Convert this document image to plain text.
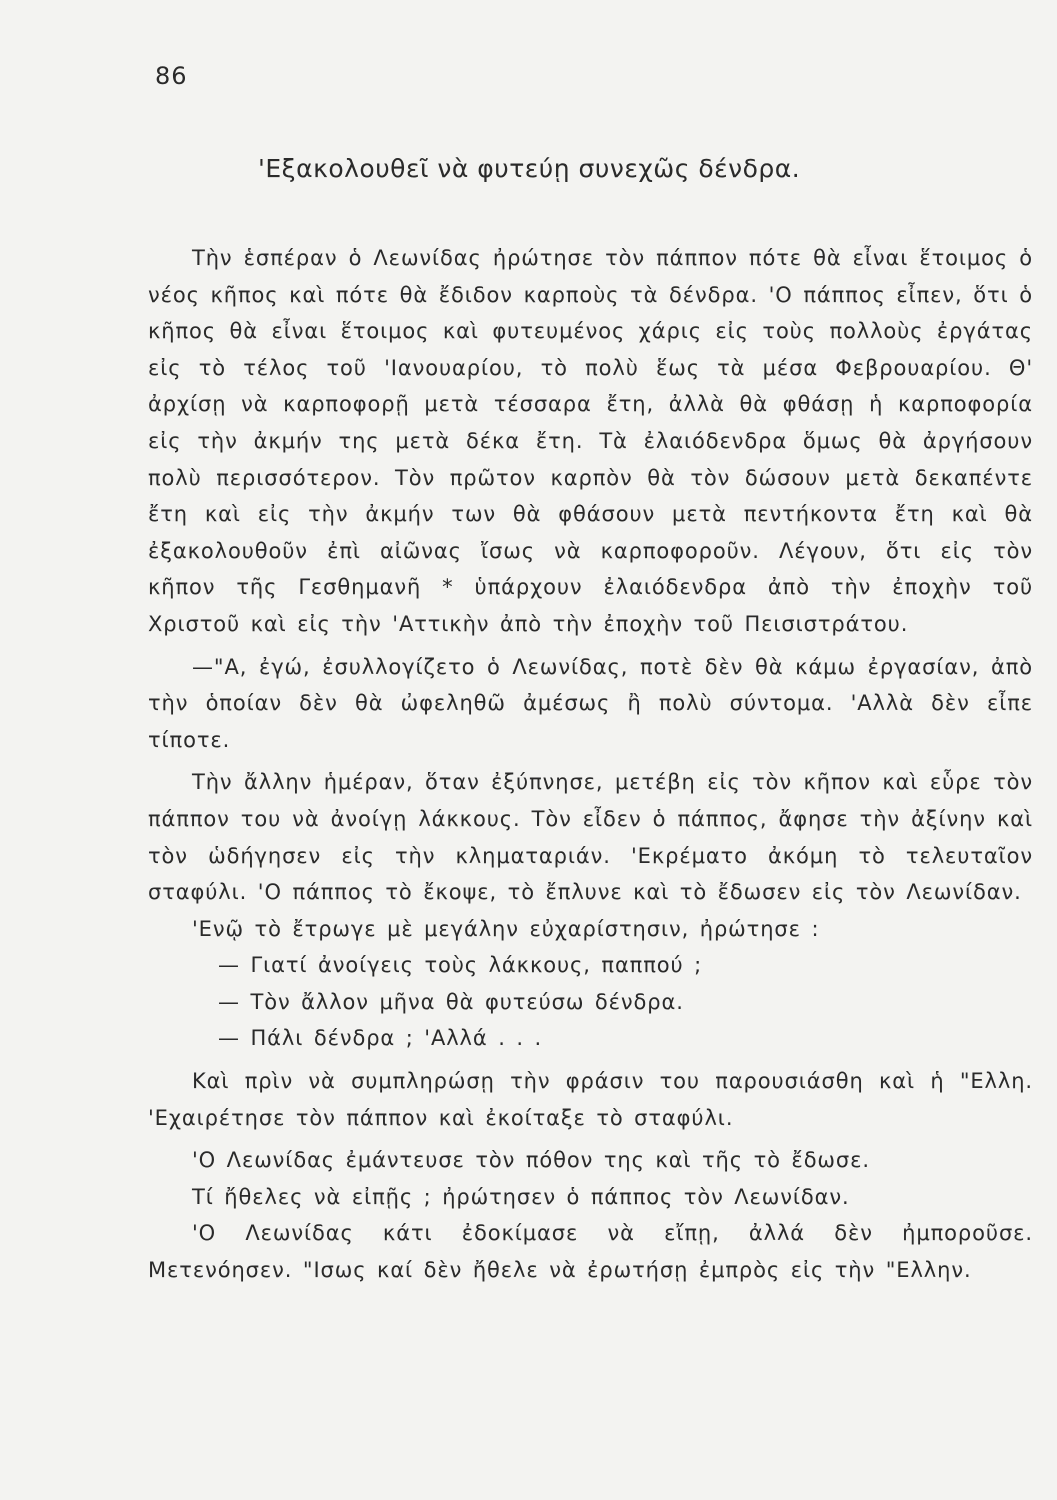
86
'Εξακολουθεῖ νὰ φυτεύῃ συνεχῶς δένδρα.

Τὴν ἑσπέραν ὁ Λεωνίδας ἠρώτησε τὸν πάππον πότε θὰ εἶναι ἕτοιμος ὁ νέος κῆπος καὶ πότε θὰ ἔδιδον καρποὺς τὰ δένδρα. 'Ο πάππος εἶπεν, ὅτι ὁ κῆπος θὰ εἶναι ἕτοιμος καὶ φυτευμένος χάρις εἰς τοὺς πολλοὺς ἐργάτας εἰς τὸ τέλος τοῦ 'Ιανουαρίου, τὸ πολὺ ἕως τὰ μέσα Φεβρουαρίου. Θ' ἀρχίσῃ νὰ καρποφορῇ μετὰ τέσσαρα ἔτη, ἀλλὰ θὰ φθάσῃ ἡ καρποφορία εἰς τὴν ἀκμήν της μετὰ δέκα ἔτη. Τὰ ἐλαιόδενδρα ὅμως θὰ ἀργήσουν πολὺ περισσότερον. Τὸν πρῶτον καρπὸν θὰ τὸν δώσουν μετὰ δεκαπέντε ἔτη καὶ εἰς τὴν ἀκμήν των θὰ φθάσουν μετὰ πεντήκοντα ἔτη καὶ θὰ ἐξακολουθοῦν ἐπὶ αἰῶνας ἴσως νὰ καρποφοροῦν. Λέγουν, ὅτι εἰς τὸν κῆπον τῆς Γεσθημανῆ * ὑπάρχουν ἐλαιόδενδρα ἀπὸ τὴν ἐποχὴν τοῦ Χριστοῦ καὶ εἰς τὴν 'Αττικὴν ἀπὸ τὴν ἐποχὴν τοῦ Πεισιστράτου.

—"Α, ἐγώ, ἐσυλλογίζετο ὁ Λεωνίδας, ποτὲ δὲν θὰ κάμω ἐργασίαν, ἀπὸ τὴν ὁποίαν δὲν θὰ ὠφεληθῶ ἀμέσως ἢ πολὺ σύντομα. 'Αλλὰ δὲν εἶπε τίποτε.

Τὴν ἄλλην ἡμέραν, ὅταν ἐξύπνησε, μετέβη εἰς τὸν κῆπον καὶ εὗρε τὸν πάππον του νὰ ἀνοίγῃ λάκκους. Τὸν εἶδεν ὁ πάππος, ἄφησε τὴν ἀξίνην καὶ τὸν ὡδήγησεν εἰς τὴν κληματαριάν. 'Εκρέματο ἀκόμη τὸ τελευταῖον σταφύλι. 'Ο πάππος τὸ ἔκοψε, τὸ ἔπλυνε καὶ τὸ ἔδωσεν εἰς τὸν Λεωνίδαν.

'Ενῷ τὸ ἔτρωγε μὲ μεγάλην εὐχαρίστησιν, ἠρώτησε :

— Γιατί ἀνοίγεις τοὺς λάκκους, παππού ;

— Τὸν ἄλλον μῆνα θὰ φυτεύσω δένδρα.

— Πάλι δένδρα ; 'Αλλά . . .

Καὶ πρὶν νὰ συμπληρώσῃ τὴν φράσιν του παρουσιάσθη καὶ ἡ "Ελλη. 'Εχαιρέτησε τὸν πάππον καὶ ἐκοίταξε τὸ σταφύλι.

'Ο Λεωνίδας ἐμάντευσε τὸν πόθον της καὶ τῆς τὸ ἔδωσε.

Τί ἤθελες νὰ εἰπῇς ; ἠρώτησεν ὁ πάππος τὸν Λεωνίδαν.

'Ο Λεωνίδας κάτι ἐδοκίμασε νὰ εἴπῃ, ἀλλά δὲν ἠμποροῦσε. Μετενόησεν. "Ισως καί δὲν ἤθελε νὰ ἐρωτήσῃ ἐμπρὸς εἰς τὴν "Ελλην.
